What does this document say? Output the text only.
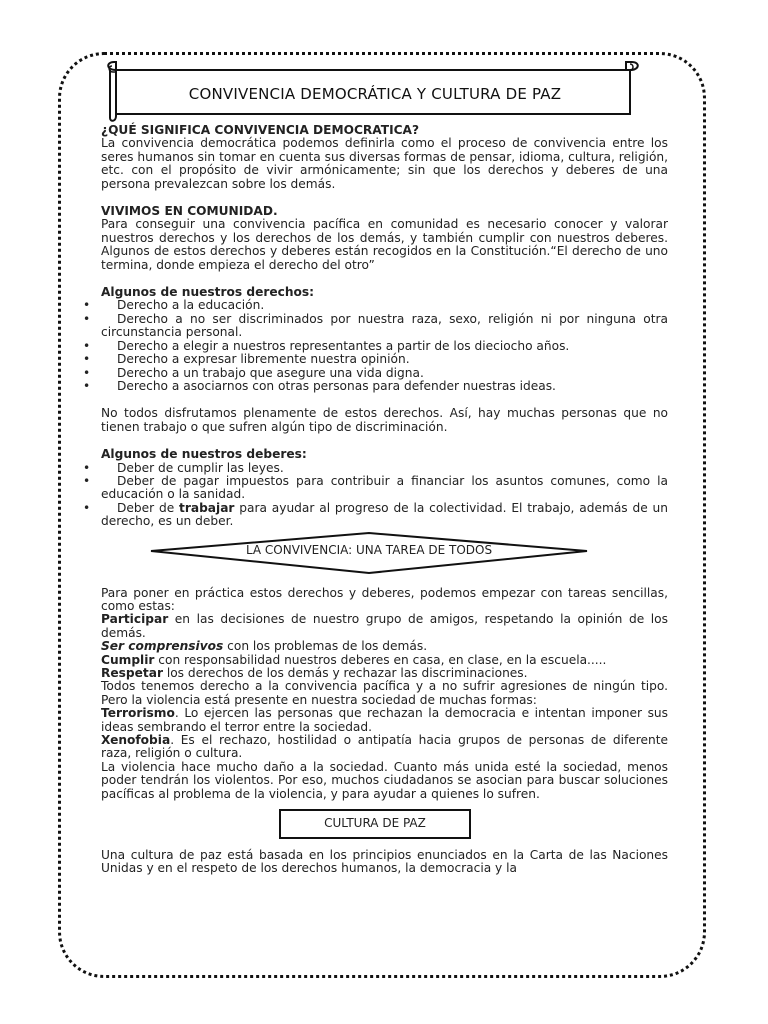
CONVIVENCIA DEMOCRÁTICA Y CULTURA DE PAZ

¿QUÉ SIGNIFICA CONVIVENCIA DEMOCRATICA?

La convivencia democrática podemos definirla como el proceso de convivencia entre los seres humanos sin tomar en cuenta sus diversas formas de pensar, idioma, cultura, religión, etc. con el propósito de vivir armónicamente; sin que los derechos y deberes de una persona prevalezcan sobre los demás.

VIVIMOS EN COMUNIDAD.

Para conseguir una convivencia pacífica en comunidad es necesario conocer y valorar nuestros derechos y los derechos de los demás, y también cumplir con nuestros deberes. Algunos de estos derechos y deberes están recogidos en la Constitución.“El derecho de uno termina, donde empieza el derecho del otro”

Algunos de nuestros derechos:

• Derecho a la educación.
• Derecho a no ser discriminados por nuestra raza, sexo, religión ni por ninguna otra circunstancia personal.
• Derecho a elegir a nuestros representantes a partir de los dieciocho años.
• Derecho a expresar libremente nuestra opinión.
• Derecho a un trabajo que asegure una vida digna.
• Derecho a asociarnos con otras personas para defender nuestras ideas.

No todos disfrutamos plenamente de estos derechos. Así, hay muchas personas que no tienen trabajo o que sufren algún tipo de discriminación.

Algunos de nuestros deberes:

• Deber de cumplir las leyes.
• Deber de pagar impuestos para contribuir a financiar los asuntos comunes, como la educación o la sanidad.
• Deber de trabajar para ayudar al progreso de la colectividad. El trabajo, además de un derecho, es un deber.
LA CONVIVENCIA: UNA TAREA DE TODOS

Para poner en práctica estos derechos y deberes, podemos empezar con tareas sencillas, como estas:

Participar en las decisiones de nuestro grupo de amigos, respetando la opinión de los demás.

Ser comprensivos con los problemas de los demás.

Cumplir con responsabilidad nuestros deberes en casa, en clase, en la escuela.....

Respetar los derechos de los demás y rechazar las discriminaciones.

Todos tenemos derecho a la convivencia pacífica y a no sufrir agresiones de ningún tipo. Pero la violencia está presente en nuestra sociedad de muchas formas:

Terrorismo. Lo ejercen las personas que rechazan la democracia e intentan imponer sus ideas sembrando el terror entre la sociedad.

Xenofobia. Es el rechazo, hostilidad o antipatía hacia grupos de personas de diferente raza, religión o cultura.

La violencia hace mucho daño a la sociedad. Cuanto más unida esté la sociedad, menos poder tendrán los violentos. Por eso, muchos ciudadanos se asocian para buscar soluciones pacíficas al problema de la violencia, y para ayudar a quienes lo sufren.

CULTURA DE PAZ

Una cultura de paz está basada en los principios enunciados en la Carta de las Naciones Unidas y en el respeto de los derechos humanos, la democracia y la
